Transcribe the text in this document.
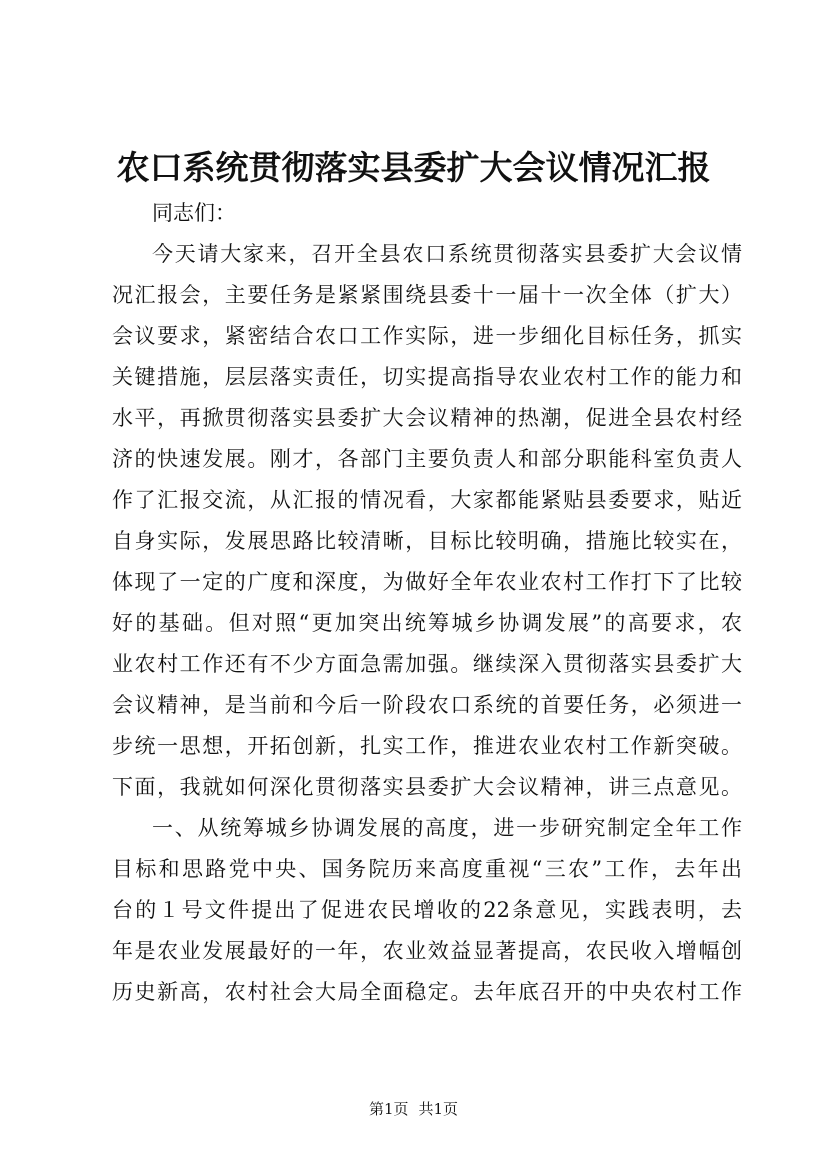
农口系统贯彻落实县委扩大会议情况汇报
同志们：
今天请大家来，召开全县农口系统贯彻落实县委扩大会议情
况汇报会，主要任务是紧紧围绕县委十一届十一次全体（扩大）
会议要求，紧密结合农口工作实际，进一步细化目标任务，抓实
关键措施，层层落实责任，切实提高指导农业农村工作的能力和
水平，再掀贯彻落实县委扩大会议精神的热潮，促进全县农村经
济的快速发展。刚才，各部门主要负责人和部分职能科室负责人
作了汇报交流，从汇报的情况看，大家都能紧贴县委要求，贴近
自身实际，发展思路比较清晰，目标比较明确，措施比较实在，
体现了一定的广度和深度，为做好全年农业农村工作打下了比较
好的基础。但对照“更加突出统筹城乡协调发展”的高要求，农
业农村工作还有不少方面急需加强。继续深入贯彻落实县委扩大
会议精神，是当前和今后一阶段农口系统的首要任务，必须进一
步统一思想，开拓创新，扎实工作，推进农业农村工作新突破。
下面，我就如何深化贯彻落实县委扩大会议精神，讲三点意见。
一、从统筹城乡协调发展的高度，进一步研究制定全年工作
目标和思路党中央、国务院历来高度重视“三农”工作，去年出
台的１号文件提出了促进农民增收的22条意见，实践表明，去
年是农业发展最好的一年，农业效益显著提高，农民收入增幅创
历史新高，农村社会大局全面稳定。去年底召开的中央农村工作
第1页 共1页
